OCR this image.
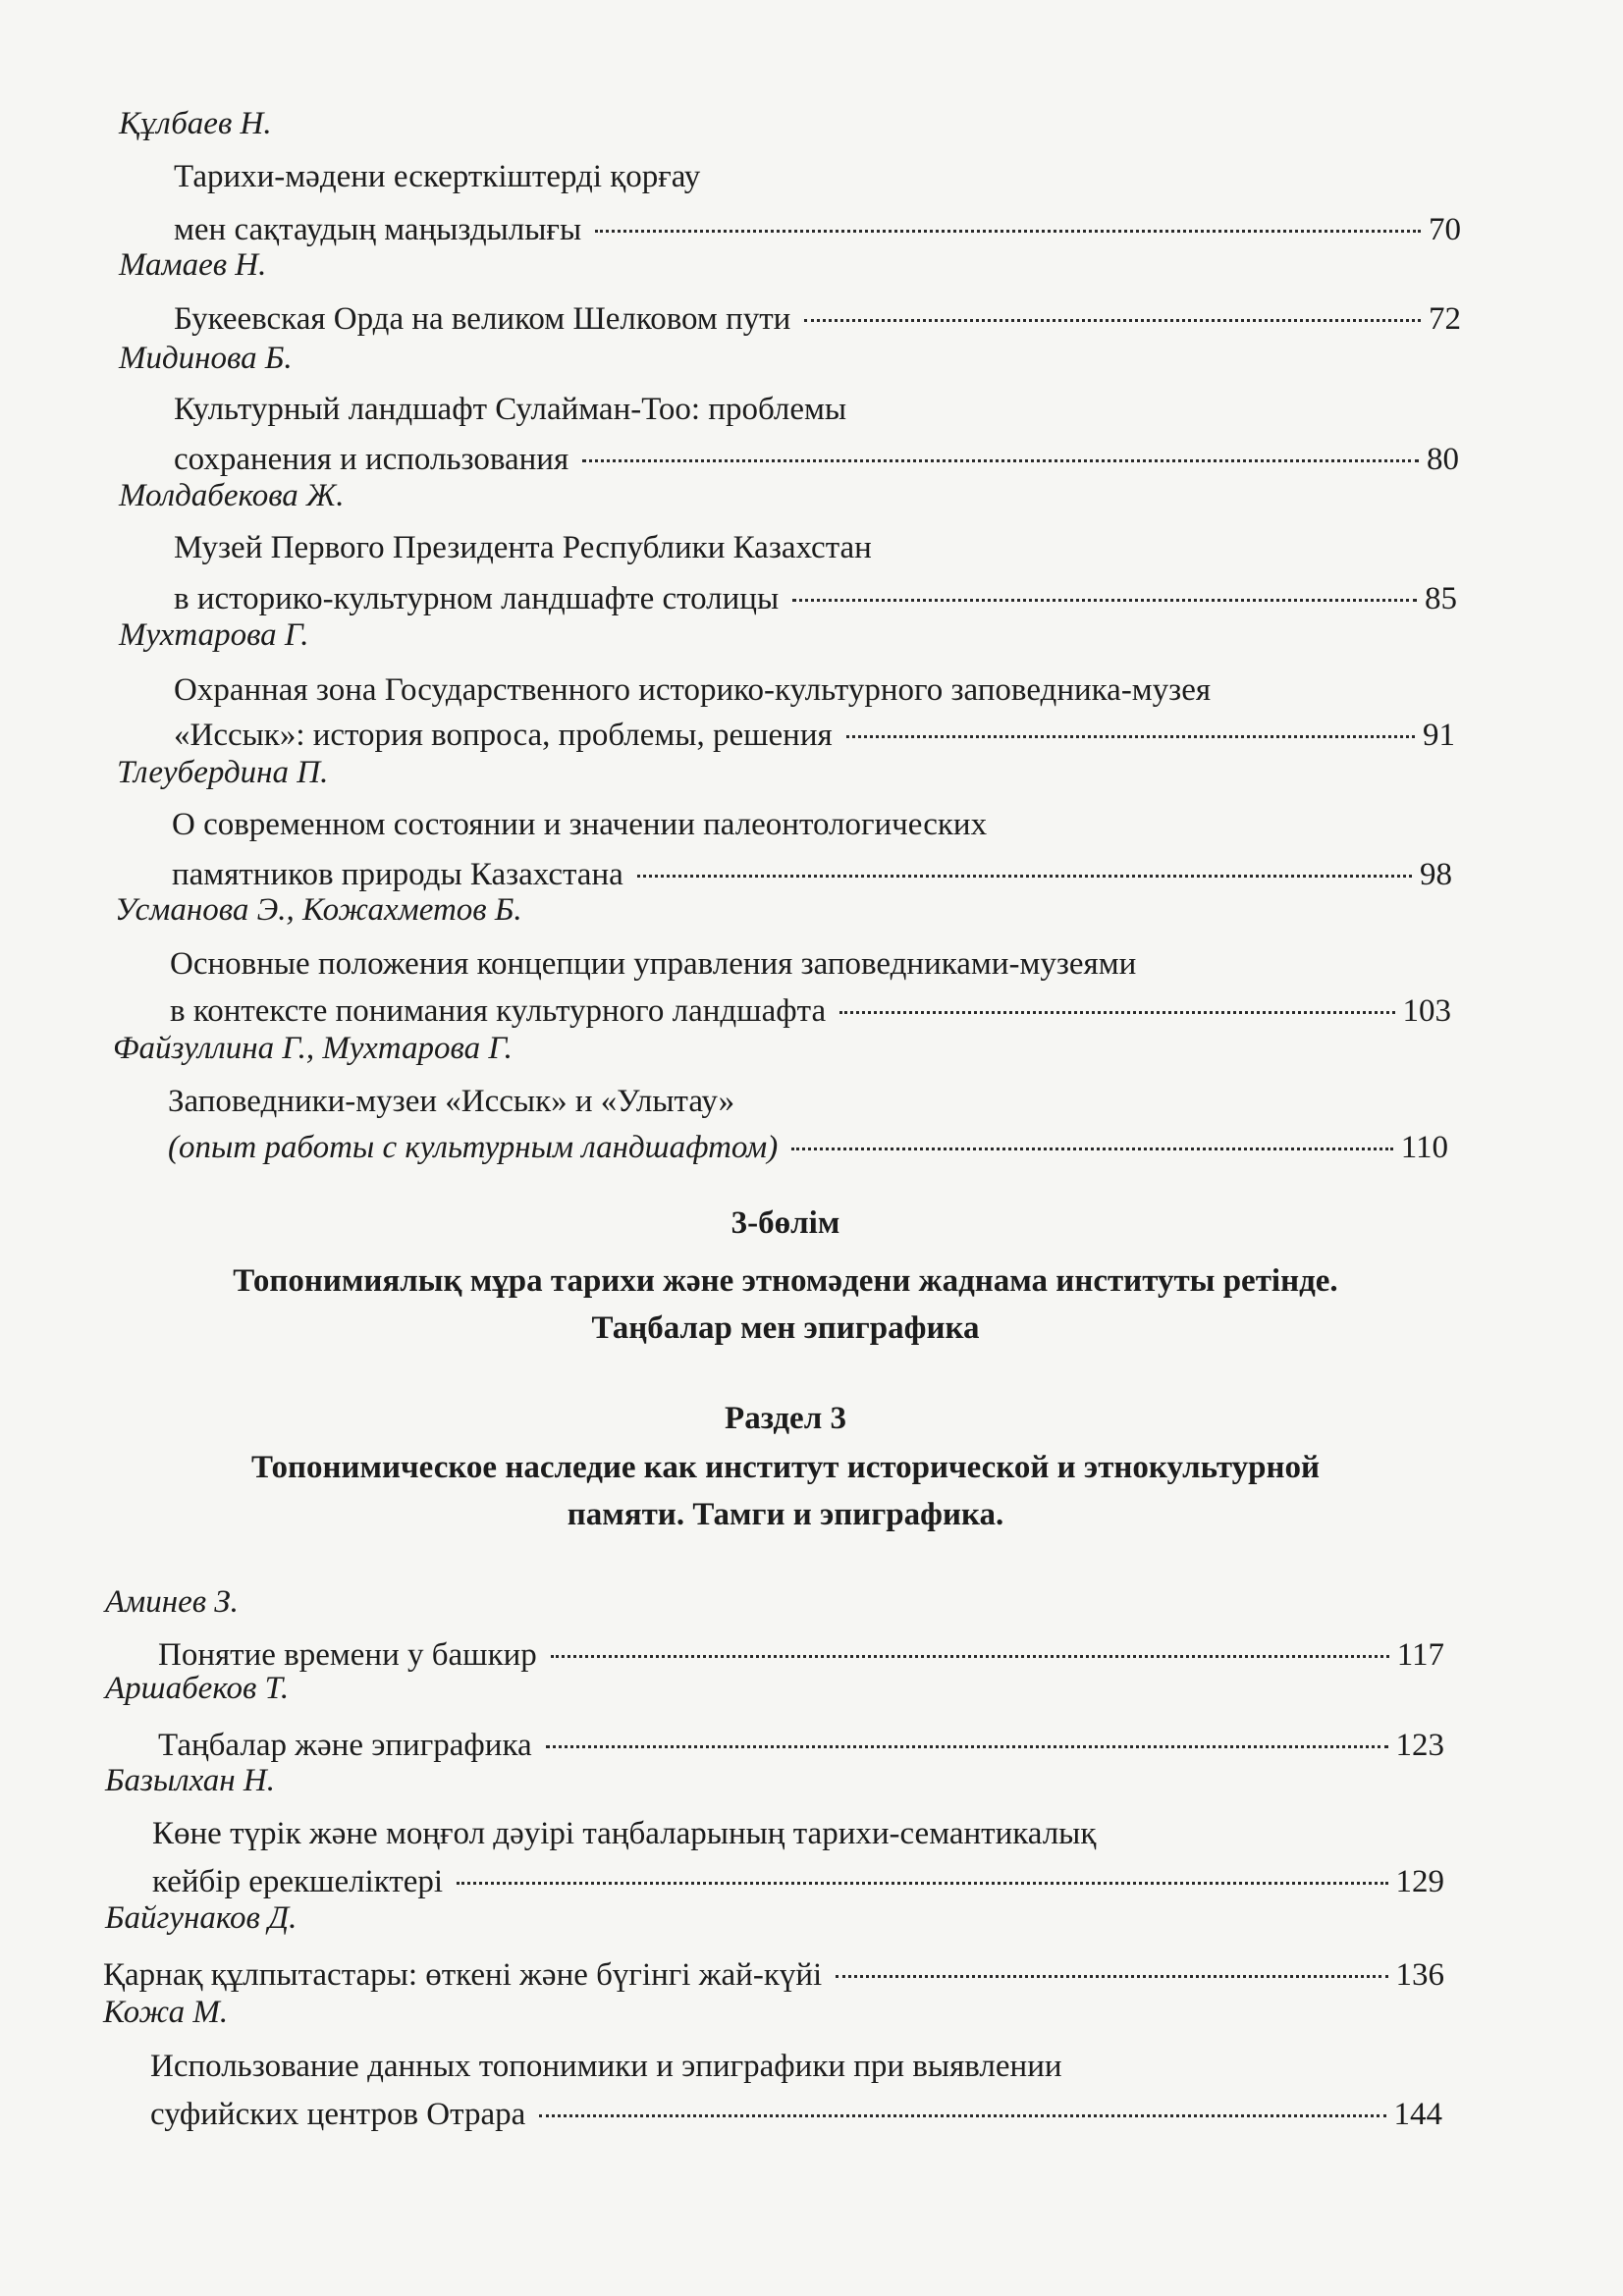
Құлбаев Н.
Тарихи-мәдени ескерткіштерді қорғау
мен сақтаудың маңыздылығы	70
Мамаев Н.
Букеевская Орда на великом Шелковом пути	72
Мидинова Б.
Культурный ландшафт Сулайман-Тоо: проблемы
сохранения и использования	80
Молдабекова Ж.
Музей Первого Президента Республики Казахстан
в историко-культурном ландшафте столицы	85
Мухтарова Г.
Охранная зона Государственного историко-культурного заповедника-музея
«Иссык»: история вопроса, проблемы, решения	91
Тлеубердина П.
О современном состоянии и значении палеонтологических
памятников природы Казахстана	98
Усманова Э., Кожахметов Б.
Основные положения концепции управления заповедниками-музеями
в контексте понимания культурного ландшафта	103
Файзуллина Г., Мухтарова Г.
Заповедники-музеи «Иссык» и «Улытау»
(опыт работы с культурным ландшафтом)	110
3-бөлім
Топонимиялық мұра тарихи және этномәдени жаднама институты ретінде.
Таңбалар мен эпиграфика
Раздел 3
Топонимическое наследие как институт исторической и этнокультурной
памяти. Тамги и эпиграфика.
Аминев З.
Понятие времени у башкир	117
Аршабеков Т.
Таңбалар және эпиграфика	123
Базылхан Н.
Көне түрік және моңғол дәуірі таңбаларының тарихи-семантикалық
кейбір ерекшеліктері	129
Байгунаков Д.
Қарнақ құлпытастары: өткені және бүгінгі жай-күйі	136
Кожа М.
Использование данных топонимики и эпиграфики при выявлении
суфийских центров Отрара	144
